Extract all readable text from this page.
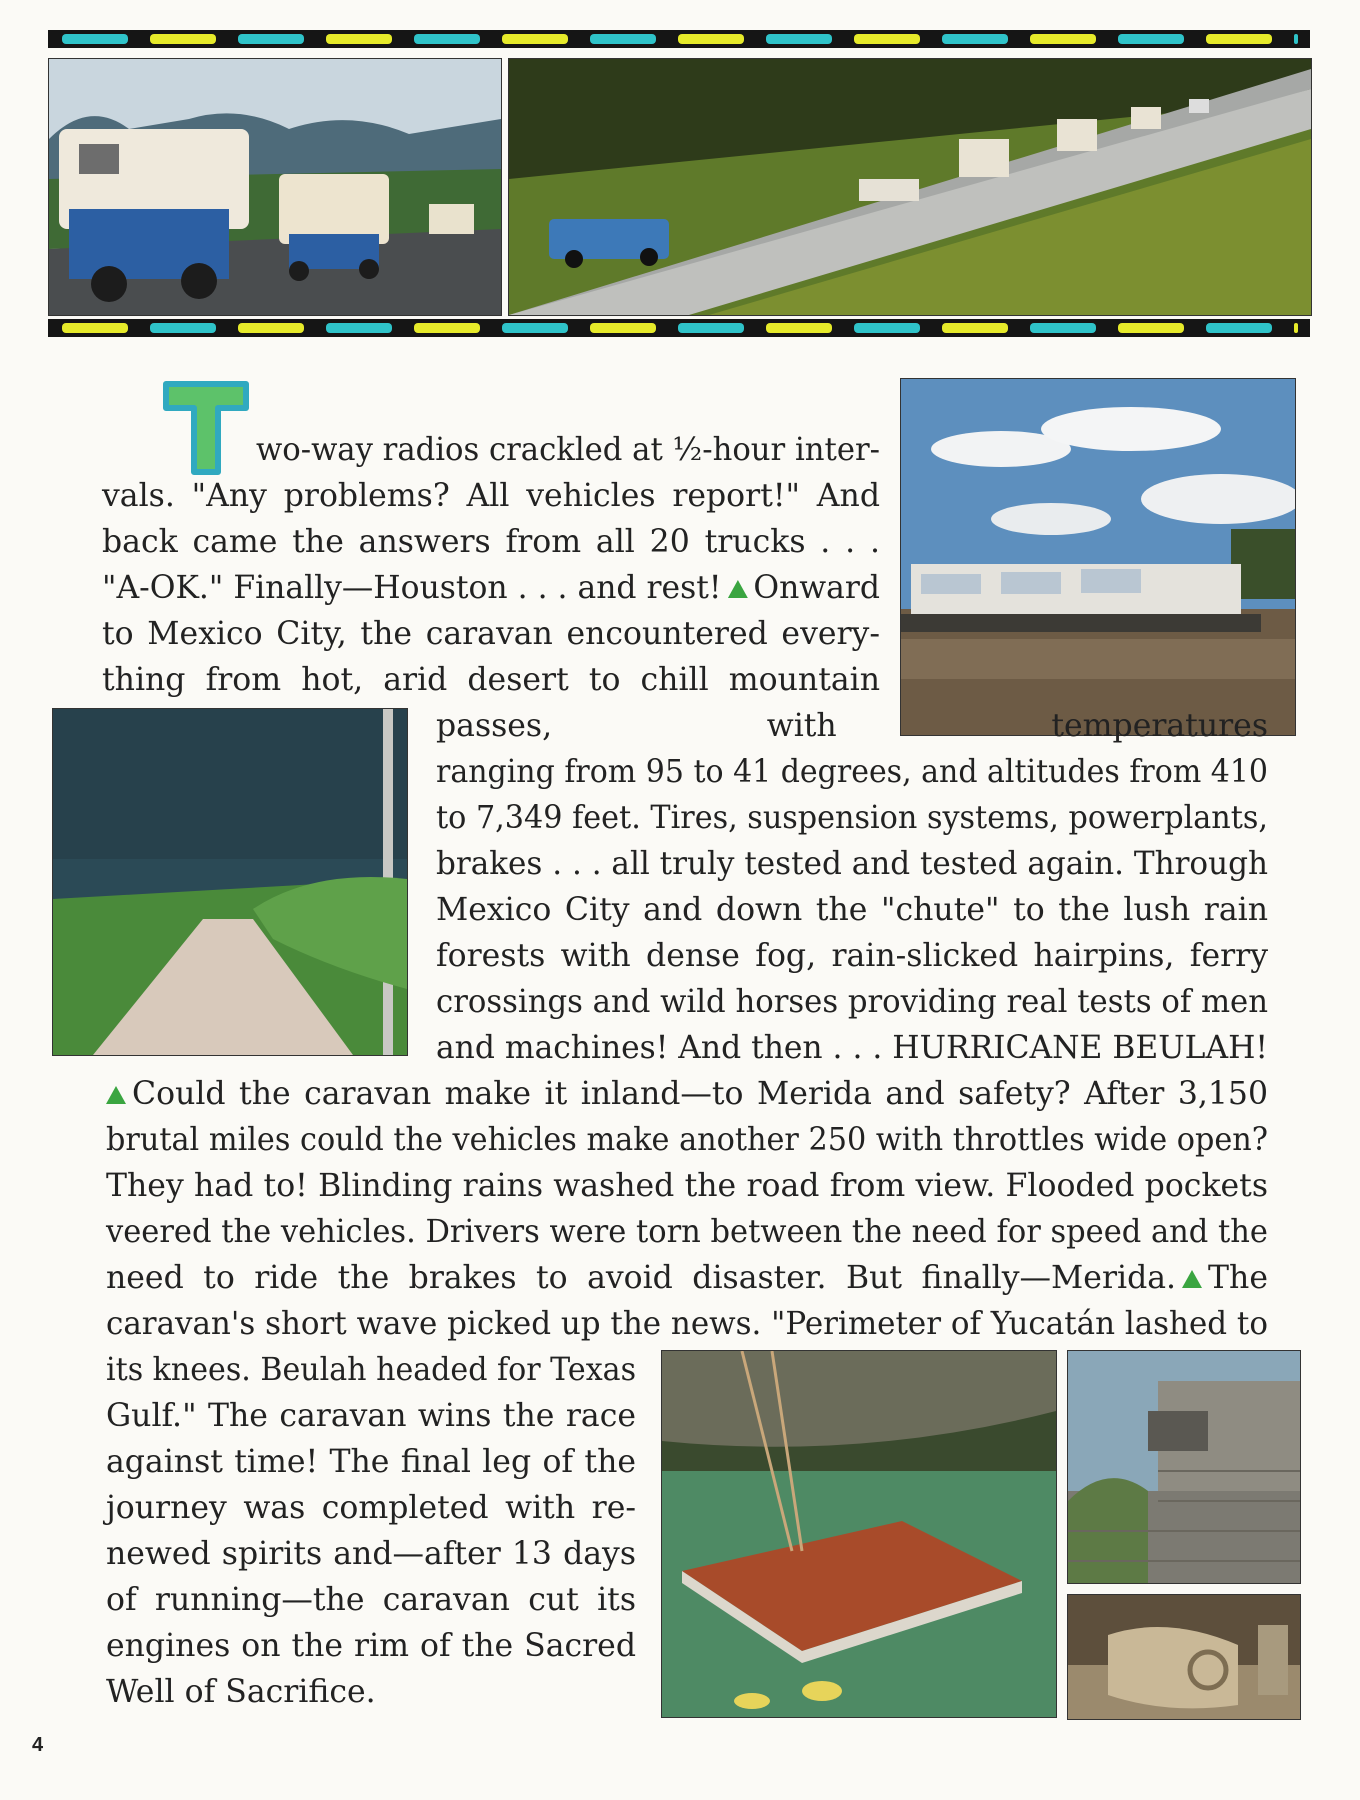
wo-way radios crackled at ½-hour inter-
vals. "Any problems? All vehicles report!" And
back came the answers from all 20 trucks . . .
"A-OK." Finally—Houston . . . and rest! Onward
to Mexico City, the caravan encountered every-
thing from hot, arid desert to chill mountain
passes, with temperatures
ranging from 95 to 41 degrees, and altitudes from 410
to 7,349 feet. Tires, suspension systems, powerplants,
brakes . . . all truly tested and tested again. Through
Mexico City and down the "chute" to the lush rain
forests with dense fog, rain-slicked hairpins, ferry
crossings and wild horses providing real tests of men
and machines! And then . . . HURRICANE BEULAH!
Could the caravan make it inland—to Merida and safety? After 3,150
brutal miles could the vehicles make another 250 with throttles wide open?
They had to! Blinding rains washed the road from view. Flooded pockets
veered the vehicles. Drivers were torn between the need for speed and the
need to ride the brakes to avoid disaster. But finally—Merida. The
caravan's short wave picked up the news. "Perimeter of Yucatán lashed to
its knees. Beulah headed for Texas
Gulf." The caravan wins the race
against time! The final leg of the
journey was completed with re-
newed spirits and—after 13 days
of running—the caravan cut its
engines on the rim of the Sacred
Well of Sacrifice.
4
